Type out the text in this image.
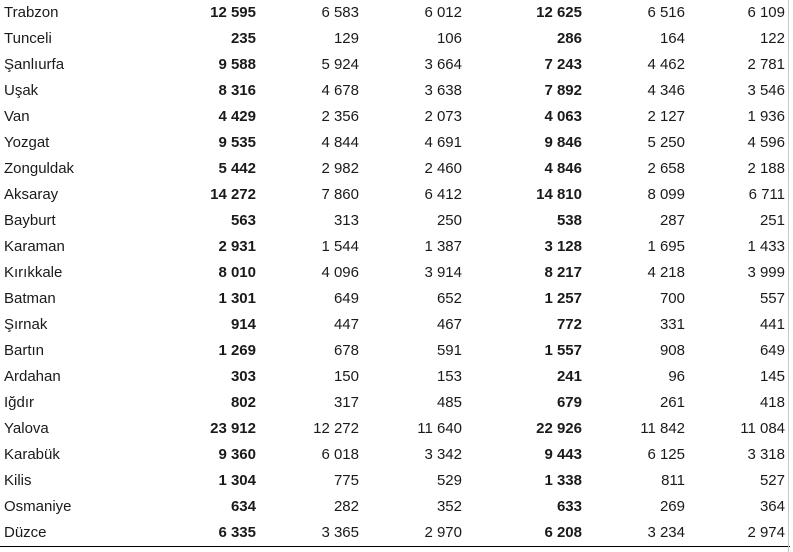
Trabzon	12 595	6 583	6 012	12 625	6 516	6 109
Tunceli	235	129	106	286	164	122
Şanlıurfa	9 588	5 924	3 664	7 243	4 462	2 781
Uşak	8 316	4 678	3 638	7 892	4 346	3 546
Van	4 429	2 356	2 073	4 063	2 127	1 936
Yozgat	9 535	4 844	4 691	9 846	5 250	4 596
Zonguldak	5 442	2 982	2 460	4 846	2 658	2 188
Aksaray	14 272	7 860	6 412	14 810	8 099	6 711
Bayburt	563	313	250	538	287	251
Karaman	2 931	1 544	1 387	3 128	1 695	1 433
Kırıkkale	8 010	4 096	3 914	8 217	4 218	3 999
Batman	1 301	649	652	1 257	700	557
Şırnak	914	447	467	772	331	441
Bartın	1 269	678	591	1 557	908	649
Ardahan	303	150	153	241	96	145
Iğdır	802	317	485	679	261	418
Yalova	23 912	12 272	11 640	22 926	11 842	11 084
Karabük	9 360	6 018	3 342	9 443	6 125	3 318
Kilis	1 304	775	529	1 338	811	527
Osmaniye	634	282	352	633	269	364
Düzce	6 335	3 365	2 970	6 208	3 234	2 974
